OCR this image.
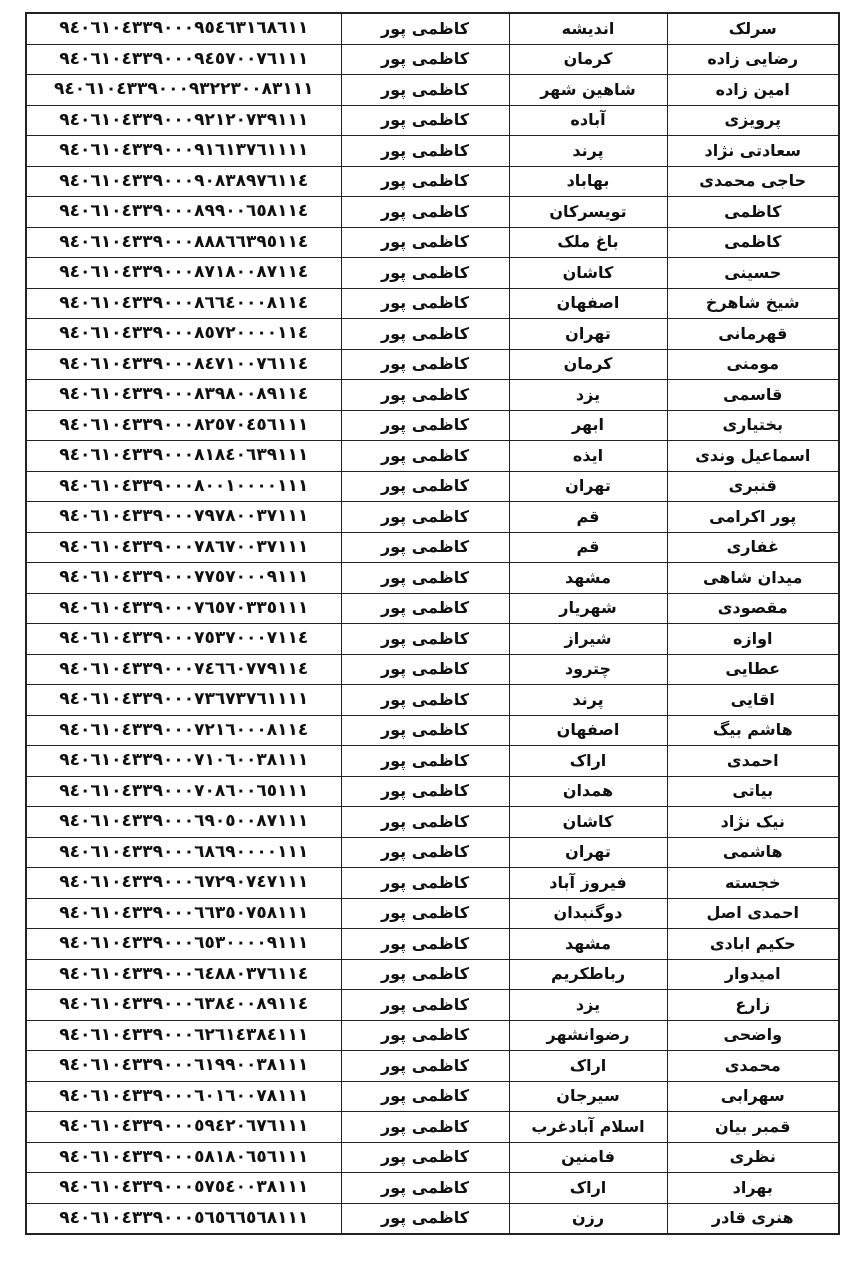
۹٤۰٦۱۰٤۳۳۹۰۰۰۹٥٤٦۳۱٦۸٦۱۱	کاظمی پور	اندیشه	سرلک
۹٤۰٦۱۰٤۳۳۹۰۰۰۹٤٥۷۰۰۷٦۱۱۱	کاظمی پور	کرمان	رضایی زاده
۹٤۰٦۱۰٤۳۳۹۰۰۰۹۳۲۲۳۰۰۸۳۱۱۱	کاظمی پور	شاهین شهر	امین زاده
۹٤۰٦۱۰٤۳۳۹۰۰۰۹۲۱۲۰۷۳۹۱۱۱	کاظمی پور	آباده	پرویزی
۹٤۰٦۱۰٤۳۳۹۰۰۰۹۱٦۱۳۷٦۱۱۱۱	کاظمی پور	پرند	سعادتی نژاد
۹٤۰٦۱۰٤۳۳۹۰۰۰۹۰۸۳۸۹۷٦۱۱٤	کاظمی پور	بهاباد	حاجی محمدی
۹٤۰٦۱۰٤۳۳۹۰۰۰۸۹۹۰۰٦٥۸۱۱٤	کاظمی پور	تویسرکان	کاظمی
۹٤۰٦۱۰٤۳۳۹۰۰۰۸۸۸٦٦۳۹٥۱۱٤	کاظمی پور	باغ ملک	کاظمی
۹٤۰٦۱۰٤۳۳۹۰۰۰۸۷۱۸۰۰۸۷۱۱٤	کاظمی پور	کاشان	حسینی
۹٤۰٦۱۰٤۳۳۹۰۰۰۸٦٦٤۰۰۰۸۱۱٤	کاظمی پور	اصفهان	شیخ شاهرخ
۹٤۰٦۱۰٤۳۳۹۰۰۰۸٥۷۲۰۰۰۰۱۱٤	کاظمی پور	تهران	قهرمانی
۹٤۰٦۱۰٤۳۳۹۰۰۰۸٤۷۱۰۰۷٦۱۱٤	کاظمی پور	کرمان	مومنی
۹٤۰٦۱۰٤۳۳۹۰۰۰۸۳۹۸۰۰۸۹۱۱٤	کاظمی پور	یزد	قاسمی
۹٤۰٦۱۰٤۳۳۹۰۰۰۸۲٥۷۰٤٥٦۱۱۱	کاظمی پور	ابهر	بختیاری
۹٤۰٦۱۰٤۳۳۹۰۰۰۸۱۸٤۰٦۳۹۱۱۱	کاظمی پور	ایذه	اسماعیل وندی
۹٤۰٦۱۰٤۳۳۹۰۰۰۸۰۰۱۰۰۰۰۱۱۱	کاظمی پور	تهران	قنبری
۹٤۰٦۱۰٤۳۳۹۰۰۰۷۹۷۸۰۰۳۷۱۱۱	کاظمی پور	قم	پور اکرامی
۹٤۰٦۱۰٤۳۳۹۰۰۰۷۸٦۷۰۰۳۷۱۱۱	کاظمی پور	قم	غفاری
۹٤۰٦۱۰٤۳۳۹۰۰۰۷۷٥۷۰۰۰۹۱۱۱	کاظمی پور	مشهد	میدان شاهی
۹٤۰٦۱۰٤۳۳۹۰۰۰۷٦٥۷۰۳۳٥۱۱۱	کاظمی پور	شهریار	مقصودی
۹٤۰٦۱۰٤۳۳۹۰۰۰۷٥۳۷۰۰۰۷۱۱٤	کاظمی پور	شیراز	اوازه
۹٤۰٦۱۰٤۳۳۹۰۰۰۷٤٦٦۰۷۷۹۱۱٤	کاظمی پور	چترود	عطایی
۹٤۰٦۱۰٤۳۳۹۰۰۰۷۳٦۷۳۷٦۱۱۱۱	کاظمی پور	پرند	اقایی
۹٤۰٦۱۰٤۳۳۹۰۰۰۷۲۱٦۰۰۰۸۱۱٤	کاظمی پور	اصفهان	هاشم بیگ
۹٤۰٦۱۰٤۳۳۹۰۰۰۷۱۰٦۰۰۳۸۱۱۱	کاظمی پور	اراک	احمدی
۹٤۰٦۱۰٤۳۳۹۰۰۰۷۰۸٦۰۰٦٥۱۱۱	کاظمی پور	همدان	بیاتی
۹٤۰٦۱۰٤۳۳۹۰۰۰٦۹۰٥۰۰۸۷۱۱۱	کاظمی پور	کاشان	نیک نژاد
۹٤۰٦۱۰٤۳۳۹۰۰۰٦۸٦۹۰۰۰۰۱۱۱	کاظمی پور	تهران	هاشمی
۹٤۰٦۱۰٤۳۳۹۰۰۰٦۷۲۹۰۷٤۷۱۱۱	کاظمی پور	فیروز آباد	خجسته
۹٤۰٦۱۰٤۳۳۹۰۰۰٦٦۳٥۰۷٥۸۱۱۱	کاظمی پور	دوگنبدان	احمدی اصل
۹٤۰٦۱۰٤۳۳۹۰۰۰٦٥۳۰۰۰۰۹۱۱۱	کاظمی پور	مشهد	حکیم ابادی
۹٤۰٦۱۰٤۳۳۹۰۰۰٦٤۸۸۰۳۷٦۱۱٤	کاظمی پور	رباطکریم	امیدوار
۹٤۰٦۱۰٤۳۳۹۰۰۰٦۳۸٤۰۰۸۹۱۱٤	کاظمی پور	یزد	زارع
۹٤۰٦۱۰٤۳۳۹۰۰۰٦۲٦۱٤۳۸٤۱۱۱	کاظمی پور	رضوانشهر	واضحی
۹٤۰٦۱۰٤۳۳۹۰۰۰٦۱۹۹۰۰۳۸۱۱۱	کاظمی پور	اراک	محمدی
۹٤۰٦۱۰٤۳۳۹۰۰۰٦۰۱٦۰۰۷۸۱۱۱	کاظمی پور	سیرجان	سهرابی
۹٤۰٦۱۰٤۳۳۹۰۰۰٥۹٤۲۰٦۷٦۱۱۱	کاظمی پور	اسلام آبادغرب	قمبر بیان
۹٤۰٦۱۰٤۳۳۹۰۰۰٥۸۱۸۰٦٥٦۱۱۱	کاظمی پور	فامنین	نظری
۹٤۰٦۱۰٤۳۳۹۰۰۰٥۷٥٤۰۰۳۸۱۱۱	کاظمی پور	اراک	بهراد
۹٤۰٦۱۰٤۳۳۹۰۰۰٥٦٥٦٦٥٦۸۱۱۱	کاظمی پور	رزن	هنری قادر
